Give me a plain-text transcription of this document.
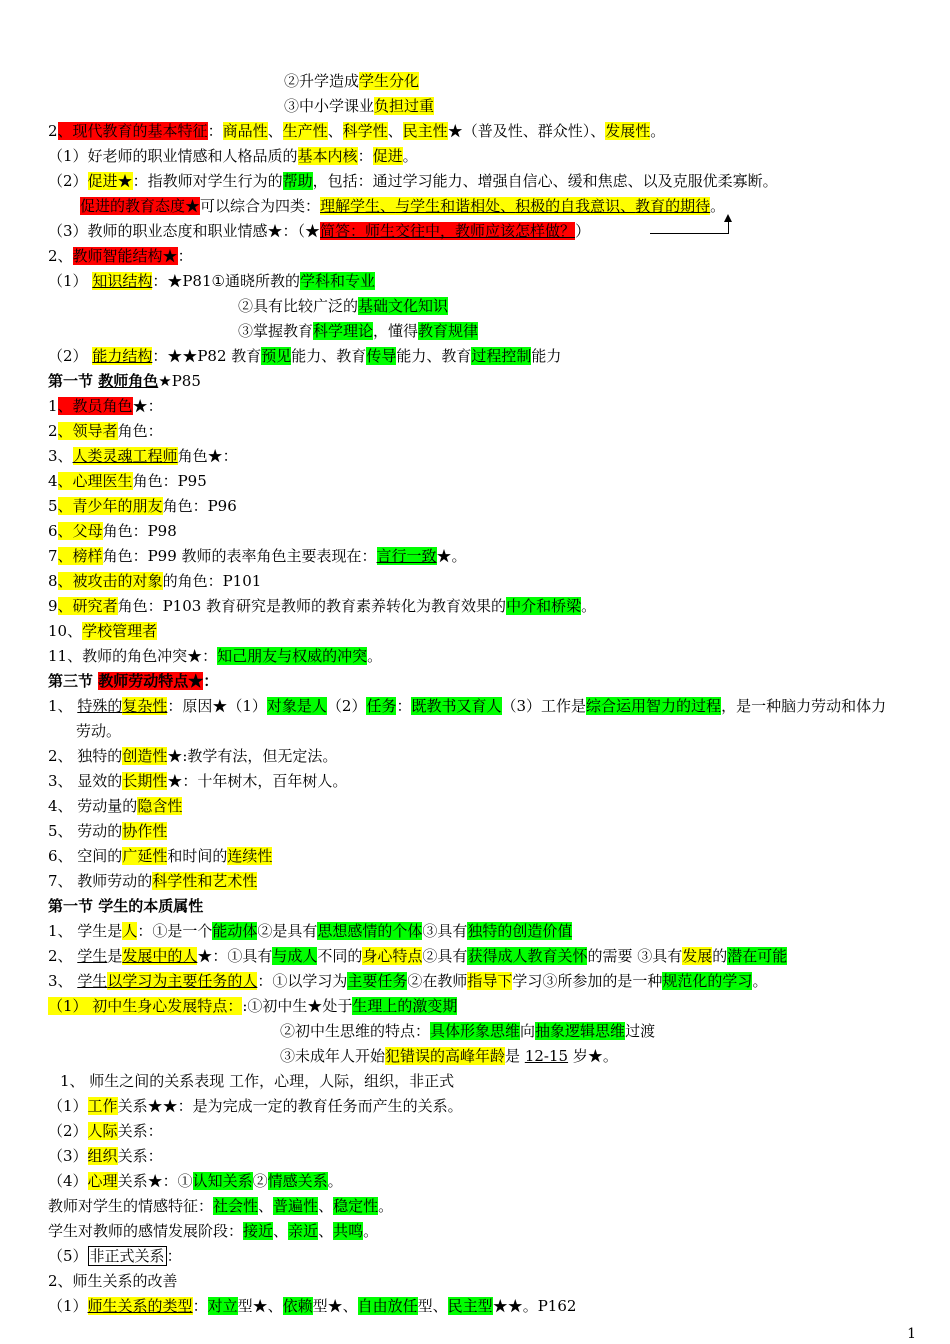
②升学造成学生分化
③中小学课业负担过重
2、现代教育的基本特征：商品性、生产性、科学性、民主性★（普及性、群众性）、发展性。
（1）好老师的职业情感和人格品质的基本内核：促进。
（2）促进★：指教师对学生行为的帮助，包括：通过学习能力、增强自信心、缓和焦虑、以及克服优柔寡断。
促进的教育态度★可以综合为四类：理解学生、与学生和谐相处、积极的自我意识、教育的期待。
（3）教师的职业态度和职业情感★：（★简答：师生交往中，教师应该怎样做？）
2、教师智能结构★：
（1） 知识结构：★P81①通晓所教的学科和专业
②具有比较广泛的基础文化知识
③掌握教育科学理论，懂得教育规律
（2） 能力结构：★★P82 教育预见能力、教育传导能力、教育过程控制能力
第一节 教师角色★P85
1、教员角色★：
2、领导者角色：
3、人类灵魂工程师角色★：
4、心理医生角色：P95
5、青少年的朋友角色：P96
6、父母角色：P98
7、榜样角色：P99 教师的表率角色主要表现在：言行一致★。
8、被攻击的对象的角色：P101
9、研究者角色：P103 教育研究是教师的教育素养转化为教育效果的中介和桥梁。
10、学校管理者
11、教师的角色冲突★：知己朋友与权威的冲突。
第三节 教师劳动特点★：
1、 特殊的复杂性：原因★（1）对象是人（2）任务：既教书又育人（3）工作是综合运用智力的过程，是一种脑力劳动和体力
劳动。
2、 独特的创造性★:教学有法，但无定法。
3、 显效的长期性★：十年树木，百年树人。
4、 劳动量的隐含性
5、 劳动的协作性
6、 空间的广延性和时间的连续性
7、 教师劳动的科学性和艺术性
第一节 学生的本质属性
1、 学生是人：①是一个能动体②是具有思想感情的个体③具有独特的创造价值
2、 学生是发展中的人★：①具有与成人不同的身心特点②具有获得成人教育关怀的需要 ③具有发展的潜在可能
3、 学生以学习为主要任务的人：①以学习为主要任务②在教师指导下学习③所参加的是一种规范化的学习。
（1） 初中生身心发展特点：:①初中生★处于生理上的激变期
②初中生思维的特点：具体形象思维向抽象逻辑思维过渡
③未成年人开始犯错误的高峰年龄是 12-15 岁★。
1、 师生之间的关系表现 工作，心理，人际，组织，非正式
（1）工作关系★★：是为完成一定的教育任务而产生的关系。
（2）人际关系：
（3）组织关系：
（4）心理关系★：①认知关系②情感关系。
教师对学生的情感特征：社会性、普遍性、稳定性。
学生对教师的感情发展阶段：接近、亲近、共鸣。
（5） 非正式关系 ：
2、师生关系的改善
（1）师生关系的类型：对立型★、依赖型★、自由放任型、民主型★★。P162
1
